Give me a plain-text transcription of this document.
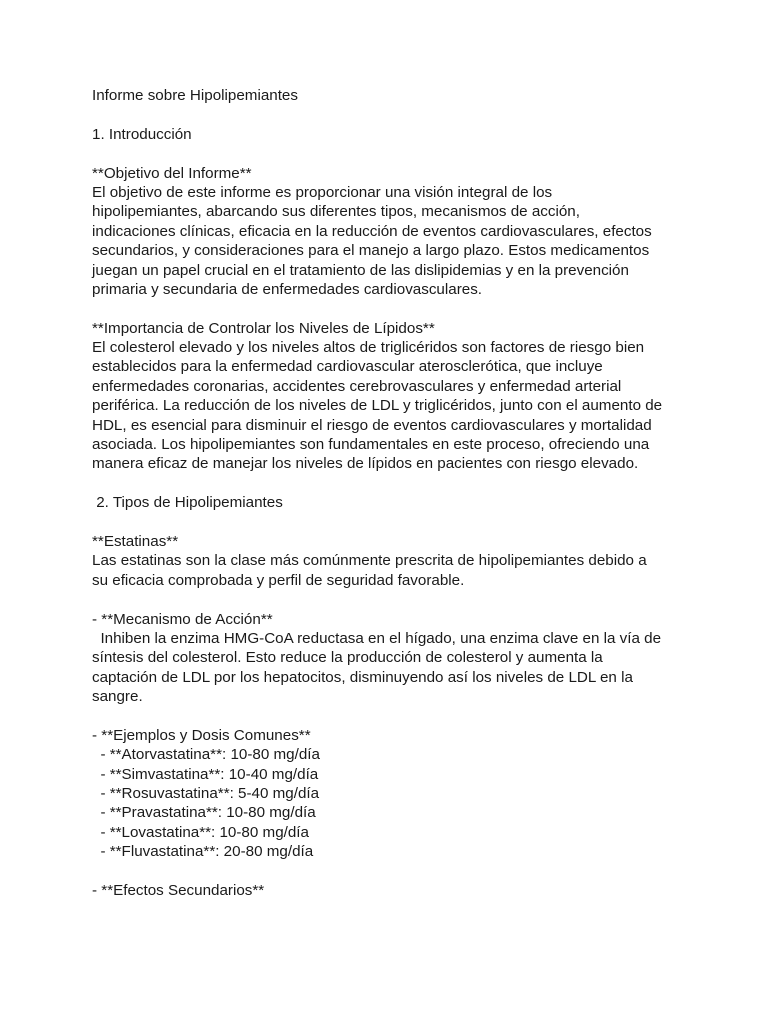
Informe sobre Hipolipemiantes
1. Introducción
**Objetivo del Informe**
El objetivo de este informe es proporcionar una visión integral de los
hipolipemiantes, abarcando sus diferentes tipos, mecanismos de acción,
indicaciones clínicas, eficacia en la reducción de eventos cardiovasculares, efectos
secundarios, y consideraciones para el manejo a largo plazo. Estos medicamentos
juegan un papel crucial en el tratamiento de las dislipidemias y en la prevención
primaria y secundaria de enfermedades cardiovasculares.
**Importancia de Controlar los Niveles de Lípidos**
El colesterol elevado y los niveles altos de triglicéridos son factores de riesgo bien
establecidos para la enfermedad cardiovascular aterosclerótica, que incluye
enfermedades coronarias, accidentes cerebrovasculares y enfermedad arterial
periférica. La reducción de los niveles de LDL y triglicéridos, junto con el aumento de
HDL, es esencial para disminuir el riesgo de eventos cardiovasculares y mortalidad
asociada. Los hipolipemiantes son fundamentales en este proceso, ofreciendo una
manera eficaz de manejar los niveles de lípidos en pacientes con riesgo elevado.
2. Tipos de Hipolipemiantes
**Estatinas**
Las estatinas son la clase más comúnmente prescrita de hipolipemiantes debido a
su eficacia comprobada y perfil de seguridad favorable.
- **Mecanismo de Acción**
Inhiben la enzima HMG-CoA reductasa en el hígado, una enzima clave en la vía de
síntesis del colesterol. Esto reduce la producción de colesterol y aumenta la
captación de LDL por los hepatocitos, disminuyendo así los niveles de LDL en la
sangre.
- **Ejemplos y Dosis Comunes**
- **Atorvastatina**: 10-80 mg/día
- **Simvastatina**: 10-40 mg/día
- **Rosuvastatina**: 5-40 mg/día
- **Pravastatina**: 10-80 mg/día
- **Lovastatina**: 10-80 mg/día
- **Fluvastatina**: 20-80 mg/día
- **Efectos Secundarios**
